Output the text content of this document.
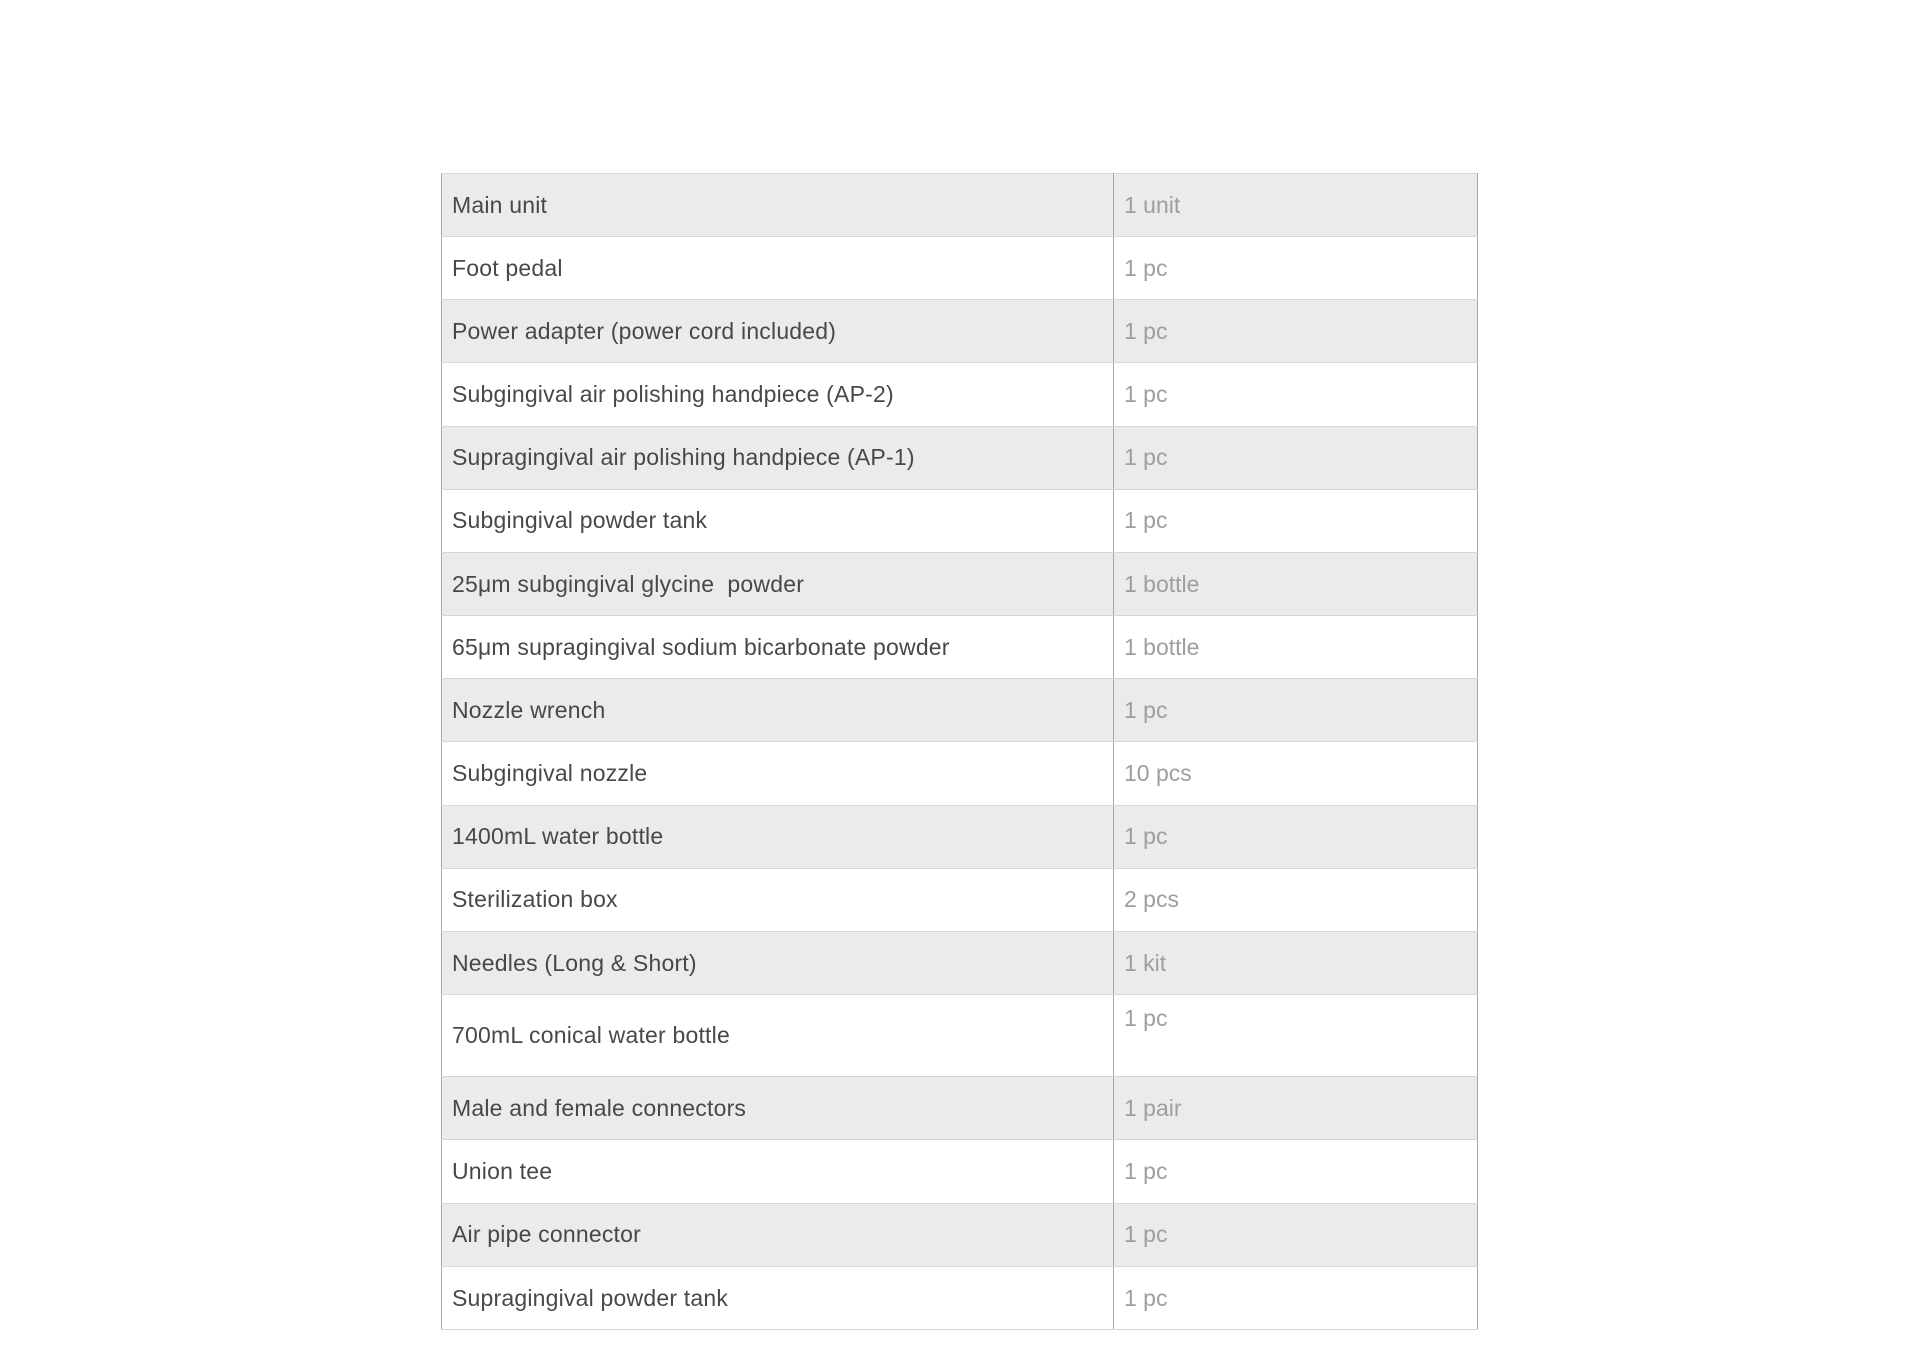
Main unit	1 unit
Foot pedal	1 pc
Power adapter (power cord included)	1 pc
Subgingival air polishing handpiece (AP-2)	1 pc
Supragingival air polishing handpiece (AP-1)	1 pc
Subgingival powder tank	1 pc
25μm subgingival glycine  powder	1 bottle
65μm supragingival sodium bicarbonate powder	1 bottle
Nozzle wrench	1 pc
Subgingival nozzle	10 pcs
1400mL water bottle	1 pc
Sterilization box	2 pcs
Needles (Long & Short)	1 kit
700mL conical water bottle	1 pc
Male and female connectors	1 pair
Union tee	1 pc
Air pipe connector	1 pc
Supragingival powder tank	1 pc
